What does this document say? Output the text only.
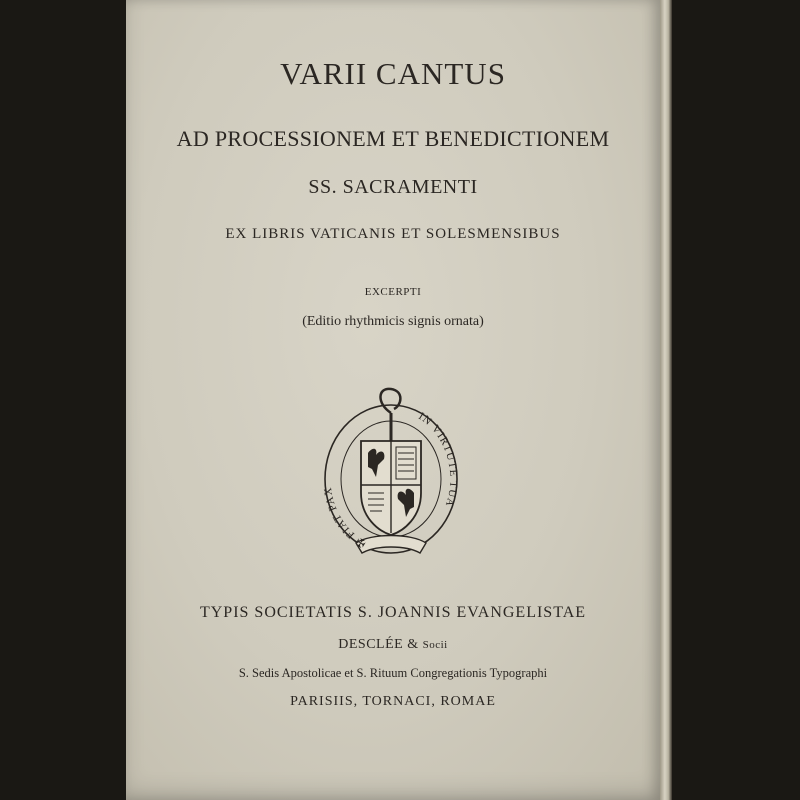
VARII CANTUS

AD PROCESSIONEM ET BENEDICTIONEM

SS. SACRAMENTI

EX LIBRIS VATICANIS ET SOLESMENSIBUS

EXCERPTI

(Editio rhythmicis signis ornata)

✠ FIAT PAX
IN VIRTUTE TUA

TYPIS SOCIETATIS S. JOANNIS EVANGELISTAE

DESCLÉE & Socii

S. Sedis Apostolicae et S. Rituum Congregationis Typographi

PARISIIS, TORNACI, ROMAE
